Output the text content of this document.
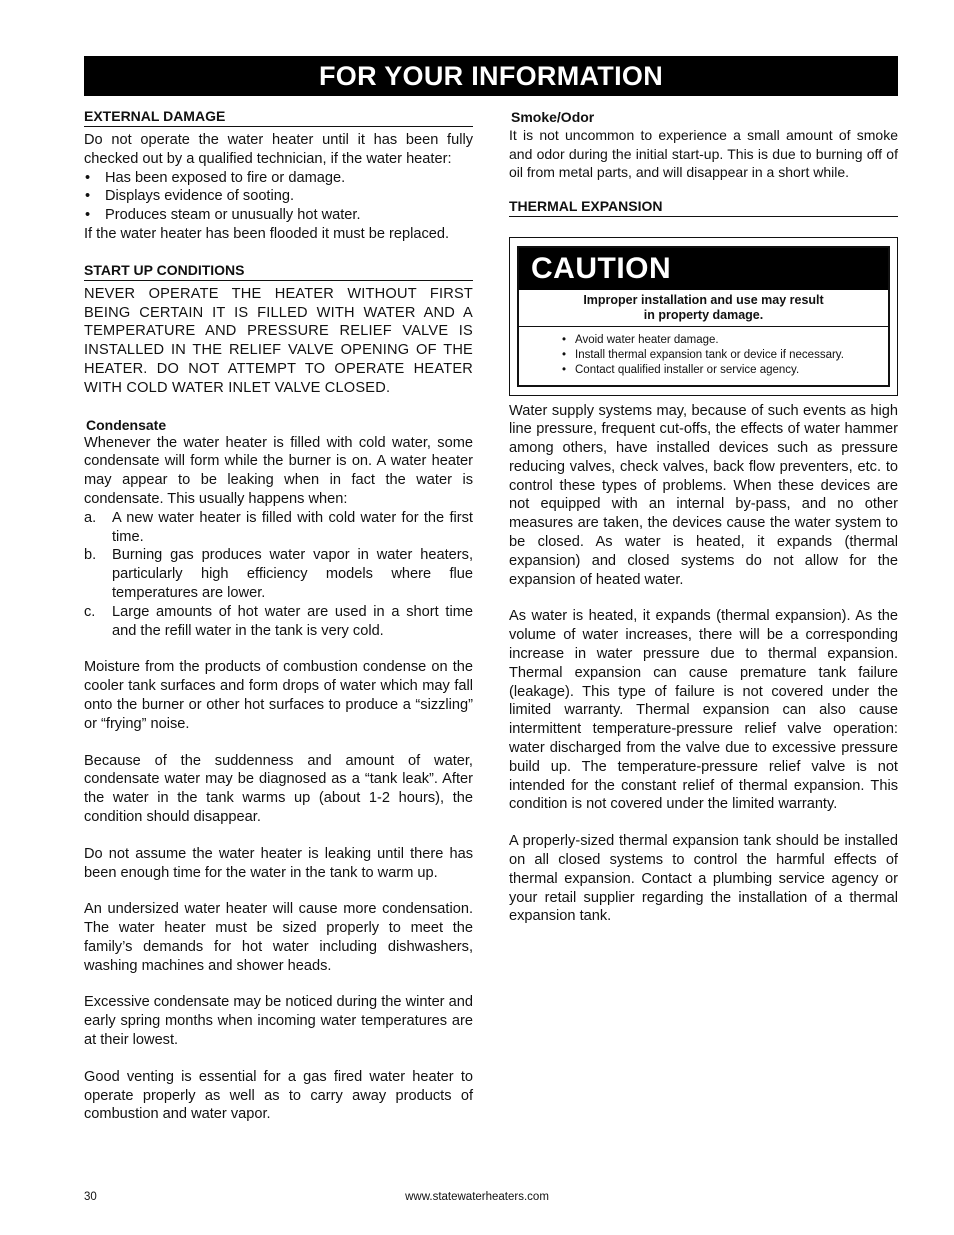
FOR YOUR INFORMATION
EXTERNAL DAMAGE

Do not operate the water heater until it has been fully checked out by a qualified technician, if the water heater:

• Has been exposed to fire or damage.
• Displays evidence of sooting.
• Produces steam or unusually hot water.

If the water heater has been flooded it must be replaced.

START UP CONDITIONS

NEVER OPERATE THE HEATER WITHOUT FIRST BEING CERTAIN IT IS FILLED WITH WATER AND A TEMPERATURE AND PRESSURE RELIEF VALVE IS INSTALLED IN THE RELIEF VALVE OPENING OF THE HEATER. DO NOT ATTEMPT TO OPERATE HEATER WITH COLD WATER INLET VALVE CLOSED.

Condensate

Whenever the water heater is filled with cold water, some condensate will form while the burner is on. A water heater may appear to be leaking when in fact the water is condensate. This usually happens when:

a. A new water heater is filled with cold water for the first time.
b. Burning gas produces water vapor in water heaters, particularly high efficiency models where flue temperatures are lower.
c. Large amounts of hot water are used in a short time and the refill water in the tank is very cold.

Moisture from the products of combustion condense on the cooler tank surfaces and form drops of water which may fall onto the burner or other hot surfaces to produce a “sizzling” or “frying” noise.

Because of the suddenness and amount of water, condensate water may be diagnosed as a “tank leak”. After the water in the tank warms up (about 1-2 hours), the condition should disappear.

Do not assume the water heater is leaking until there has been enough time for the water in the tank to warm up.

An undersized water heater will cause more condensation. The water heater must be sized properly to meet the family’s demands for hot water including dishwashers, washing machines and shower heads.

Excessive condensate may be noticed during the winter and early spring months when incoming water temperatures are at their lowest.

Good venting is essential for a gas fired water heater to operate properly as well as to carry away products of combustion and water vapor.

Smoke/Odor

It is not uncommon to experience a small amount of smoke and odor during the initial start-up. This is due to burning off of oil from metal parts, and will disappear in a short while.

THERMAL EXPANSION
CAUTION
Improper installation and use may result
in property damage.
• Avoid water heater damage.
• Install thermal expansion tank or device if necessary.
• Contact qualified installer or service agency.

Water supply systems may, because of such events as high line pressure, frequent cut-offs, the effects of water hammer among others, have installed devices such as pressure reducing valves, check valves, back flow preventers, etc. to control these types of problems. When these devices are not equipped with an internal by-pass, and no other measures are taken, the devices cause the water system to be closed. As water is heated, it expands (thermal expansion) and closed systems do not allow for the expansion of heated water.

As water is heated, it expands (thermal expansion). As the volume of water increases, there will be a corresponding increase in water pressure due to thermal expansion. Thermal expansion can cause premature tank failure (leakage). This type of failure is not covered under the limited warranty. Thermal expansion can also cause intermittent temperature-pressure relief valve operation: water discharged from the valve due to excessive pressure build up. The temperature-pressure relief valve is not intended for the constant relief of thermal expansion. This condition is not covered under the limited warranty.

A properly-sized thermal expansion tank should be installed on all closed systems to control the harmful effects of thermal expansion. Contact a plumbing service agency or your retail supplier regarding the installation of a thermal expansion tank.

30	www.statewaterheaters.com
